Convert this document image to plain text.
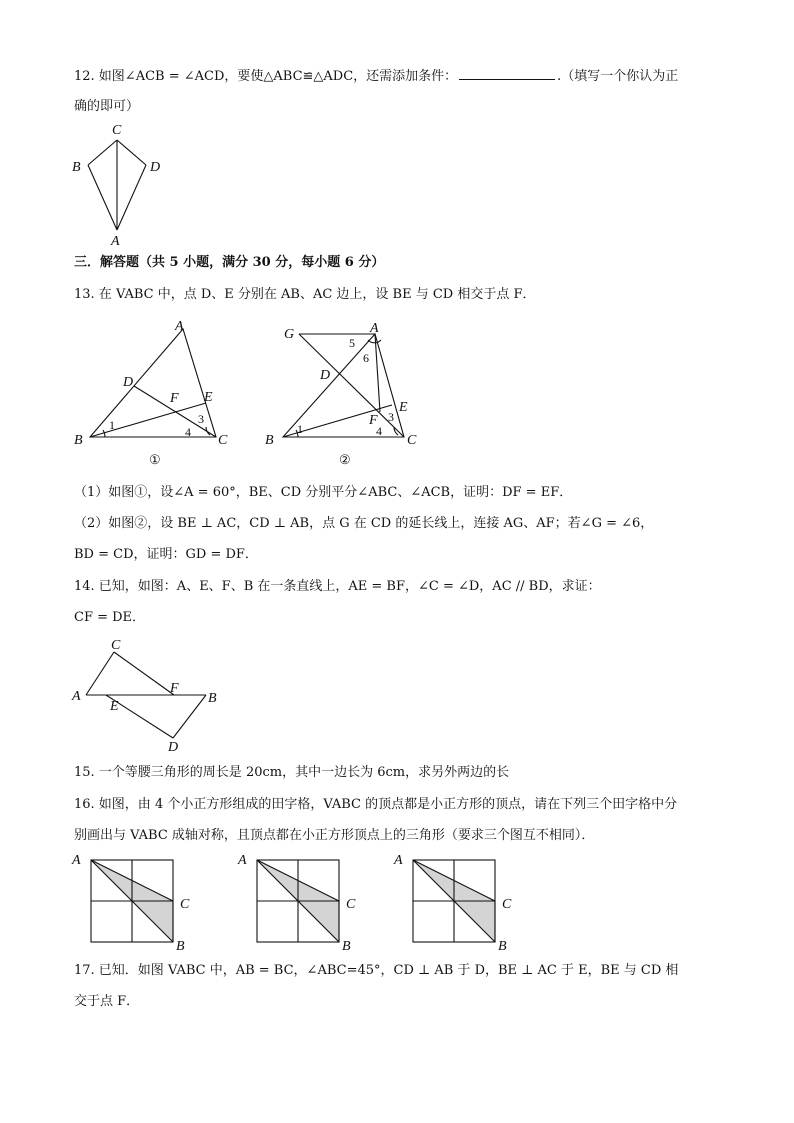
12. 如图∠ACB = ∠ACD，要使△ABC≌△ADC，还需添加条件：	.（填写一个你认为正
确的即可）
C
B	D
A
三．解答题（共 5 小题，满分 30 分，每小题 6 分）
13. 在 VABC 中，点 D、E 分别在 AB、AC 边上，设 BE 与 CD 相交于点 F．
A
D
F E
B	C
1	3
4
①
G	A
D
F
E
B	C
5
6
1
3
4
②
（1）如图①，设∠A = 60°，BE、CD 分别平分∠ABC、∠ACB，证明：DF = EF．
（2）如图②，设 BE ⊥ AC，CD ⊥ AB，点 G 在 CD 的延长线上，连接 AG、AF；若∠G = ∠6，
BD = CD，证明：GD = DF．
14. 已知，如图：A、E、F、B 在一条直线上，AE = BF，∠C = ∠D，AC // BD，求证：
CF = DE．
C
A
F
B
E
D
15. 一个等腰三角形的周长是 20cm，其中一边长为 6cm，求另外两边的长
16. 如图，由 4 个小正方形组成的田字格，VABC 的顶点都是小正方形的顶点，请在下列三个田字格中分
别画出与 VABC 成轴对称，且顶点都在小正方形顶点上的三角形（要求三个图互不相同）．
A
C
B
A
C
B
A
C
B
17. 已知．如图 VABC 中，AB = BC，∠ABC=45°，CD ⊥ AB 于 D，BE ⊥ AC 于 E，BE 与 CD 相
交于点 F．
